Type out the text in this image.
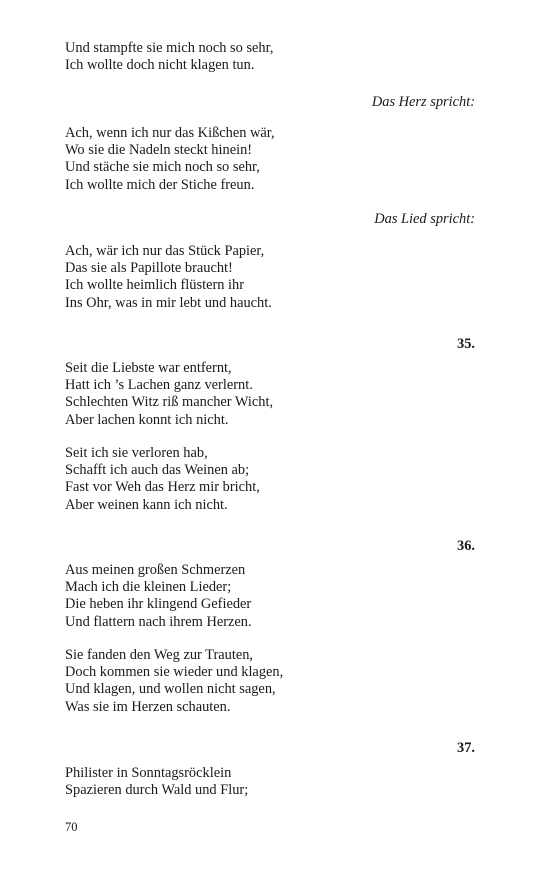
Und stampfte sie mich noch so sehr,
Ich wollte doch nicht klagen tun.
Das Herz spricht:
Ach, wenn ich nur das Kißchen wär,
Wo sie die Nadeln steckt hinein!
Und stäche sie mich noch so sehr,
Ich wollte mich der Stiche freun.
Das Lied spricht:
Ach, wär ich nur das Stück Papier,
Das sie als Papillote braucht!
Ich wollte heimlich flüstern ihr
Ins Ohr, was in mir lebt und haucht.
35.
Seit die Liebste war entfernt,
Hatt ich ’s Lachen ganz verlernt.
Schlechten Witz riß mancher Wicht,
Aber lachen konnt ich nicht.
Seit ich sie verloren hab,
Schafft ich auch das Weinen ab;
Fast vor Weh das Herz mir bricht,
Aber weinen kann ich nicht.
36.
Aus meinen großen Schmerzen
Mach ich die kleinen Lieder;
Die heben ihr klingend Gefieder
Und flattern nach ihrem Herzen.
Sie fanden den Weg zur Trauten,
Doch kommen sie wieder und klagen,
Und klagen, und wollen nicht sagen,
Was sie im Herzen schauten.
37.
Philister in Sonntagsröcklein
Spazieren durch Wald und Flur;
70
